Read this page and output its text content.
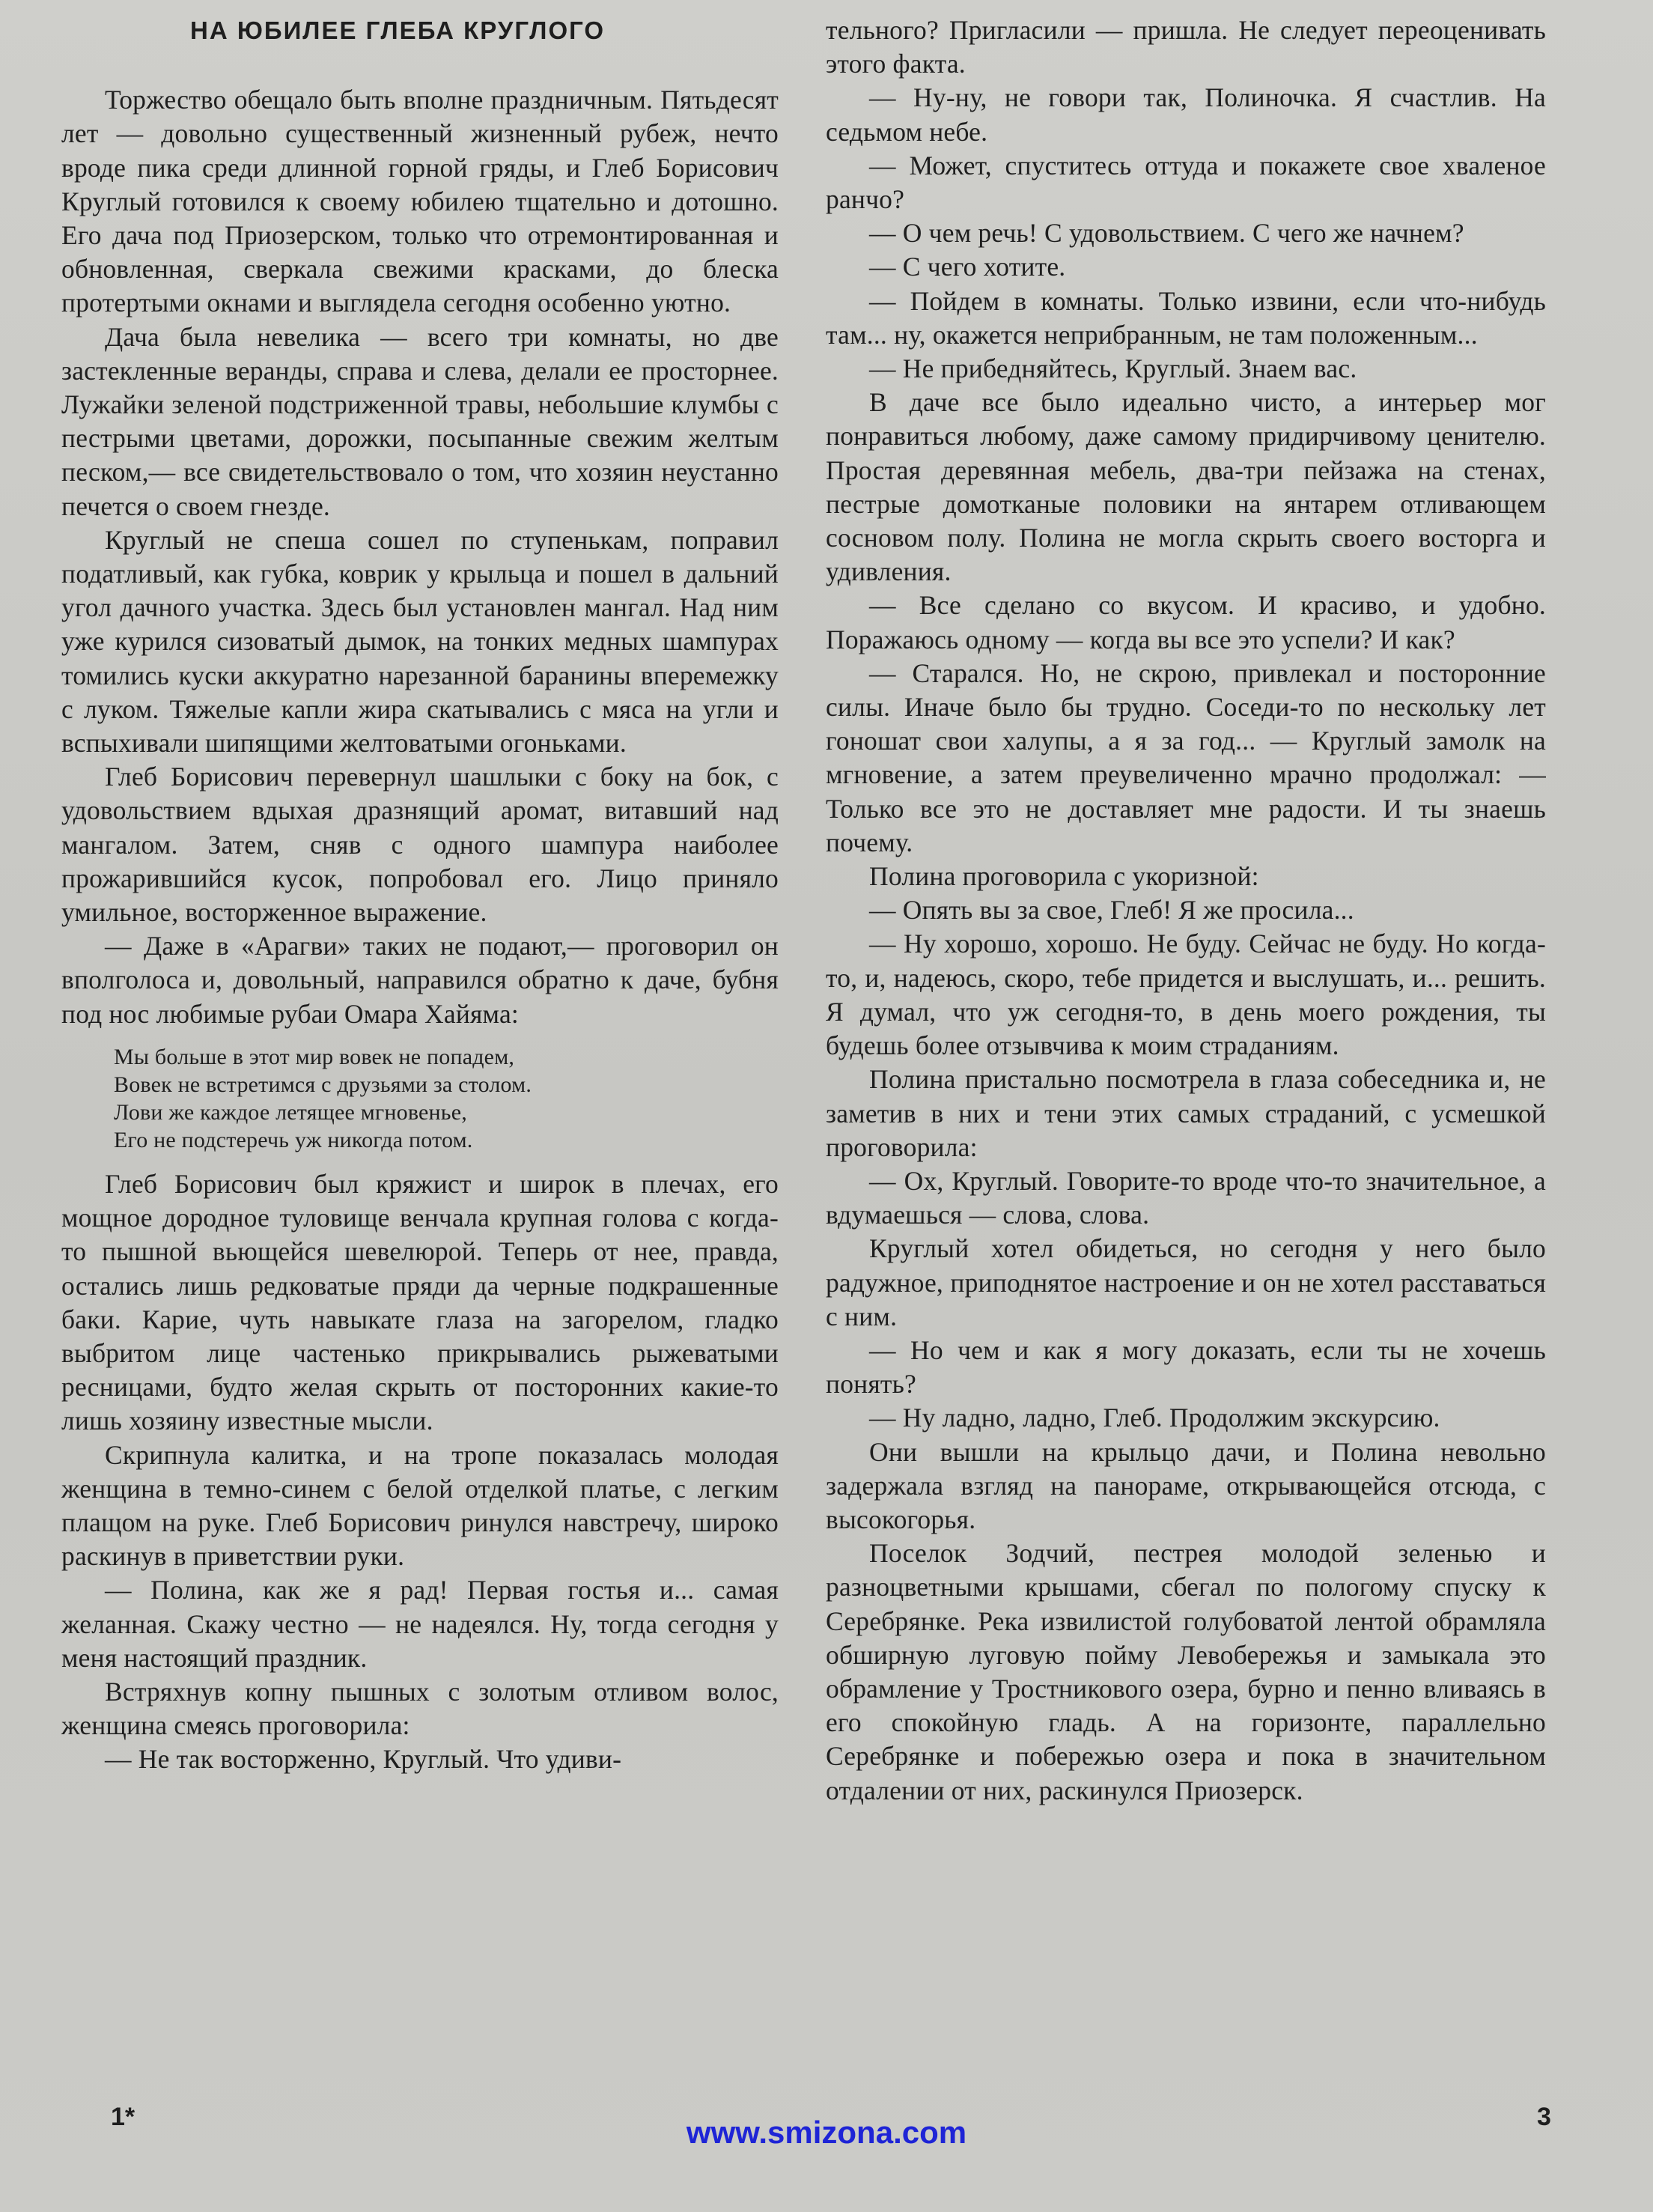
НА ЮБИЛЕЕ ГЛЕБА КРУГЛОГО

Торжество обещало быть вполне праздничным. Пятьдесят лет — довольно существенный жизненный рубеж, нечто вроде пика среди длинной горной гряды, и Глеб Борисович Круглый готовился к своему юбилею тщательно и дотошно. Его дача под Приозерском, только что отремонтированная и обновленная, сверкала свежими красками, до блеска протертыми окнами и выглядела сегодня особенно уютно.

Дача была невелика — всего три комнаты, но две застекленные веранды, справа и слева, делали ее просторнее. Лужайки зеленой подстриженной травы, небольшие клумбы с пестрыми цветами, дорожки, посыпанные свежим желтым песком,— все свидетельствовало о том, что хозяин неустанно печется о своем гнезде.

Круглый не спеша сошел по ступенькам, поправил податливый, как губка, коврик у крыльца и пошел в дальний угол дачного участка. Здесь был установлен мангал. Над ним уже курился сизоватый дымок, на тонких медных шампурах томились куски аккуратно нарезанной баранины вперемежку с луком. Тяжелые капли жира скатывались с мяса на угли и вспыхивали шипящими желтоватыми огоньками.

Глеб Борисович перевернул шашлыки с боку на бок, с удовольствием вдыхая дразнящий аромат, витавший над мангалом. Затем, сняв с одного шампура наиболее прожарившийся кусок, попробовал его. Лицо приняло умильное, восторженное выражение.

— Даже в «Арагви» таких не подают,— проговорил он вполголоса и, довольный, направился обратно к даче, бубня под нос любимые рубаи Омара Хайяма:

Мы больше в этот мир вовек не попадем,
Вовек не встретимся с друзьями за столом.
Лови же каждое летящее мгновенье,
Его не подстеречь уж никогда потом.

Глеб Борисович был кряжист и широк в плечах, его мощное дородное туловище венчала крупная голова с когда-то пышной вьющейся шевелюрой. Теперь от нее, правда, остались лишь редковатые пряди да черные подкрашенные баки. Карие, чуть навыкате глаза на загорелом, гладко выбритом лице частенько прикрывались рыжеватыми ресницами, будто желая скрыть от посторонних какие-то лишь хозяину известные мысли.

Скрипнула калитка, и на тропе показалась молодая женщина в темно-синем с белой отделкой платье, с легким плащом на руке. Глеб Борисович ринулся навстречу, широко раскинув в приветствии руки.

— Полина, как же я рад! Первая гостья и... самая желанная. Скажу честно — не надеялся. Ну, тогда сегодня у меня настоящий праздник.

Встряхнув копну пышных с золотым отливом волос, женщина смеясь проговорила:

— Не так восторженно, Круглый. Что удиви-

тельного? Пригласили — пришла. Не следует переоценивать этого факта.

— Ну-ну, не говори так, Полиночка. Я счастлив. На седьмом небе.

— Может, спуститесь оттуда и покажете свое хваленое ранчо?

— О чем речь! С удовольствием. С чего же начнем?

— С чего хотите.

— Пойдем в комнаты. Только извини, если что-нибудь там... ну, окажется неприбранным, не там положенным...

— Не прибедняйтесь, Круглый. Знаем вас.

В даче все было идеально чисто, а интерьер мог понравиться любому, даже самому придирчивому ценителю. Простая деревянная мебель, два-три пейзажа на стенах, пестрые домотканые половики на янтарем отливающем сосновом полу. Полина не могла скрыть своего восторга и удивления.

— Все сделано со вкусом. И красиво, и удобно. Поражаюсь одному — когда вы все это успели? И как?

— Старался. Но, не скрою, привлекал и посторонние силы. Иначе было бы трудно. Соседи-то по нескольку лет гоношат свои халупы, а я за год... — Круглый замолк на мгновение, а затем преувеличенно мрачно продолжал: — Только все это не доставляет мне радости. И ты знаешь почему.

Полина проговорила с укоризной:

— Опять вы за свое, Глеб! Я же просила...

— Ну хорошо, хорошо. Не буду. Сейчас не буду. Но когда-то, и, надеюсь, скоро, тебе придется и выслушать, и... решить. Я думал, что уж сегодня-то, в день моего рождения, ты будешь более отзывчива к моим страданиям.

Полина пристально посмотрела в глаза собеседника и, не заметив в них и тени этих самых страданий, с усмешкой проговорила:

— Ох, Круглый. Говорите-то вроде что-то значительное, а вдумаешься — слова, слова.

Круглый хотел обидеться, но сегодня у него было радужное, приподнятое настроение и он не хотел расставаться с ним.

— Но чем и как я могу доказать, если ты не хочешь понять?

— Ну ладно, ладно, Глеб. Продолжим экскурсию.

Они вышли на крыльцо дачи, и Полина невольно задержала взгляд на панораме, открывающейся отсюда, с высокогорья.

Поселок Зодчий, пестрея молодой зеленью и разноцветными крышами, сбегал по пологому спуску к Серебрянке. Река извилистой голубоватой лентой обрамляла обширную луговую пойму Левобережья и замыкала это обрамление у Тростникового озера, бурно и пенно вливаясь в его спокойную гладь. А на горизонте, параллельно Серебрянке и побережью озера и пока в значительном отдалении от них, раскинулся Приозерск.

1*	3
www.smizona.com
